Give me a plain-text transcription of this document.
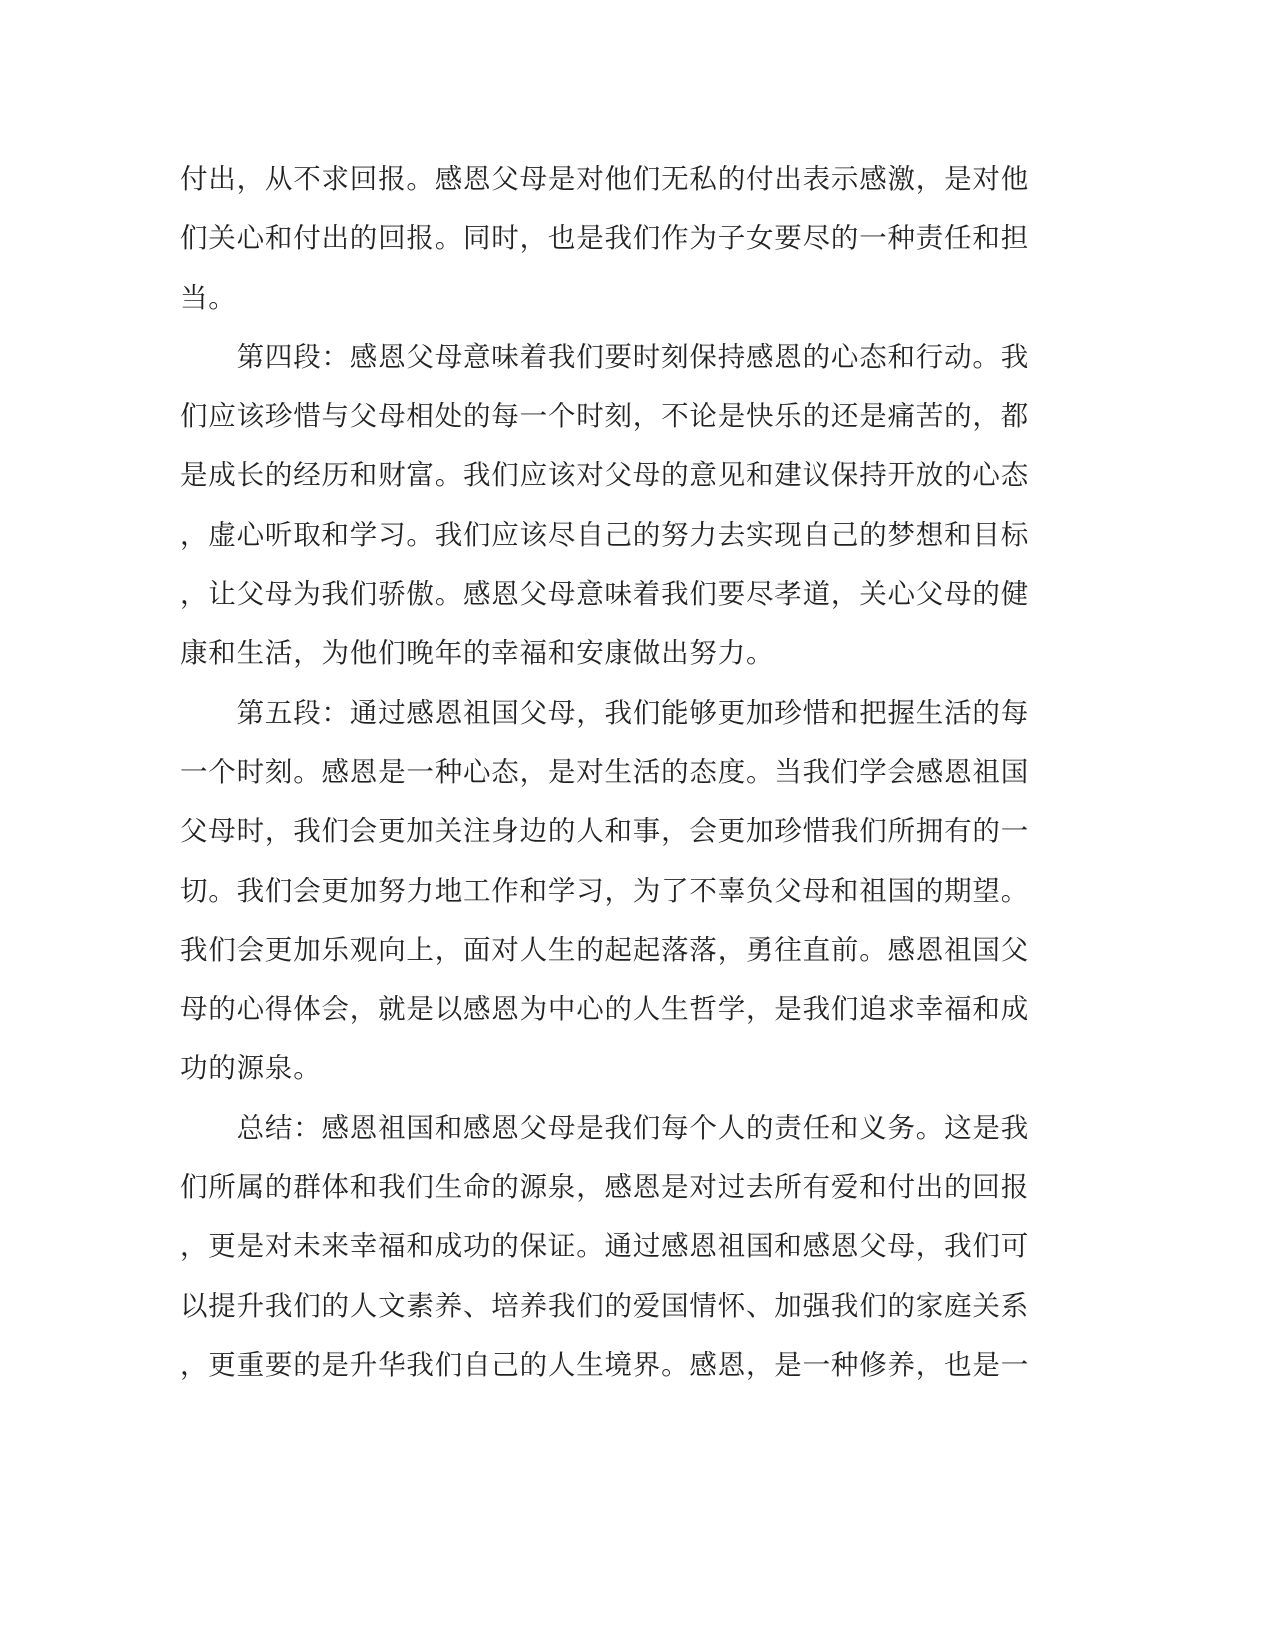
付出，从不求回报。感恩父母是对他们无私的付出表示感激，是对他
们关心和付出的回报。同时，也是我们作为子女要尽的一种责任和担
当。
　　第四段：感恩父母意味着我们要时刻保持感恩的心态和行动。我
们应该珍惜与父母相处的每一个时刻，不论是快乐的还是痛苦的，都
是成长的经历和财富。我们应该对父母的意见和建议保持开放的心态
，虚心听取和学习。我们应该尽自己的努力去实现自己的梦想和目标
，让父母为我们骄傲。感恩父母意味着我们要尽孝道，关心父母的健
康和生活，为他们晚年的幸福和安康做出努力。
　　第五段：通过感恩祖国父母，我们能够更加珍惜和把握生活的每
一个时刻。感恩是一种心态，是对生活的态度。当我们学会感恩祖国
父母时，我们会更加关注身边的人和事，会更加珍惜我们所拥有的一
切。我们会更加努力地工作和学习，为了不辜负父母和祖国的期望。
我们会更加乐观向上，面对人生的起起落落，勇往直前。感恩祖国父
母的心得体会，就是以感恩为中心的人生哲学，是我们追求幸福和成
功的源泉。
　　总结：感恩祖国和感恩父母是我们每个人的责任和义务。这是我
们所属的群体和我们生命的源泉，感恩是对过去所有爱和付出的回报
，更是对未来幸福和成功的保证。通过感恩祖国和感恩父母，我们可
以提升我们的人文素养、培养我们的爱国情怀、加强我们的家庭关系
，更重要的是升华我们自己的人生境界。感恩，是一种修养，也是一
